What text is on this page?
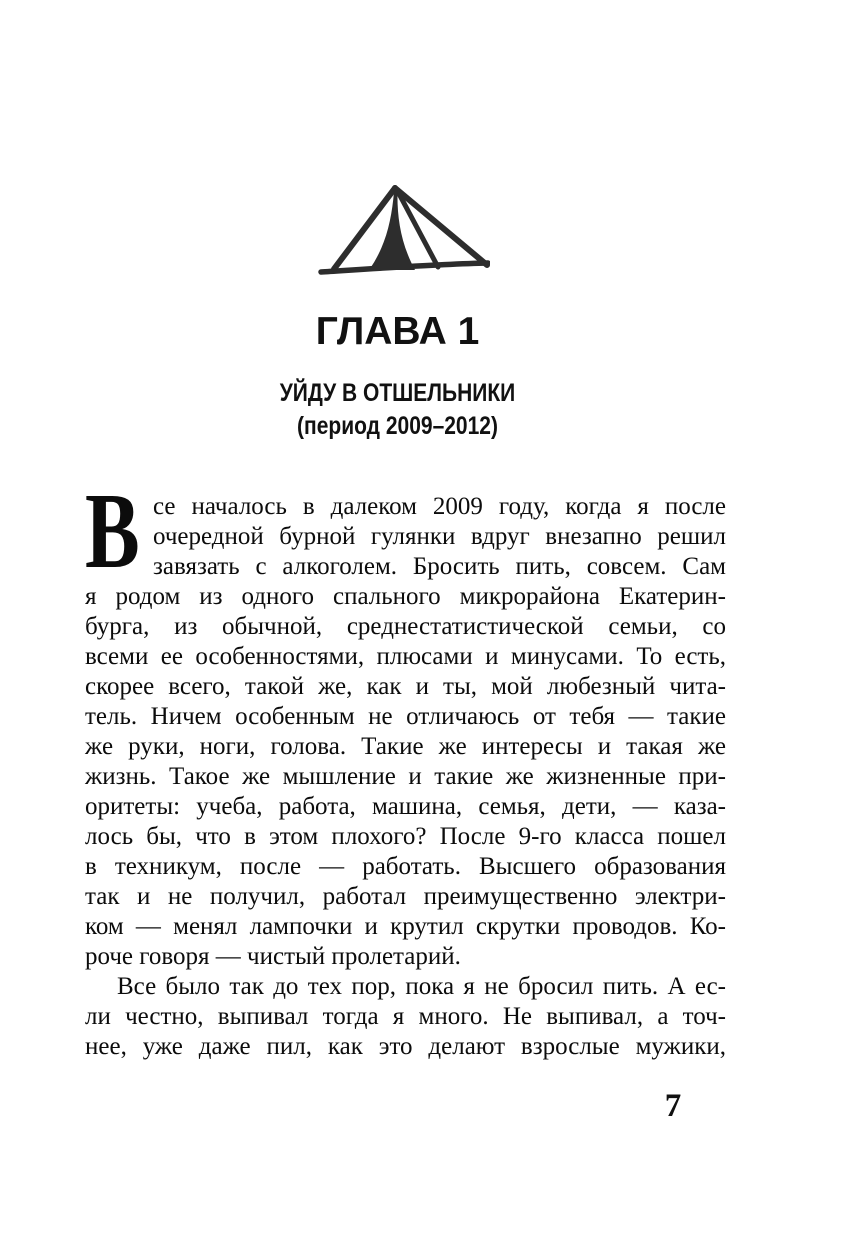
ГЛАВА 1
УЙДУ В ОТШЕЛЬНИКИ
(период 2009–2012)
В се началось в далеком 2009 году, когда я после
очередной бурной гулянки вдруг внезапно решил
завязать с алкоголем. Бросить пить, совсем. Сам
я родом из одного спального микрорайона Екатерин-
бурга, из обычной, среднестатистической семьи, со
всеми ее особенностями, плюсами и минусами. То есть,
скорее всего, такой же, как и ты, мой любезный чита-
тель. Ничем особенным не отличаюсь от тебя — такие
же руки, ноги, голова. Такие же интересы и такая же
жизнь. Такое же мышление и такие же жизненные при-
оритеты: учеба, работа, машина, семья, дети, — каза-
лось бы, что в этом плохого? После 9-го класса пошел
в техникум, после — работать. Высшего образования
так и не получил, работал преимущественно электри-
ком — менял лампочки и крутил скрутки проводов. Ко-
роче говоря — чистый пролетарий.
Все было так до тех пор, пока я не бросил пить. А ес-
ли честно, выпивал тогда я много. Не выпивал, а точ-
нее, уже даже пил, как это делают взрослые мужики,
7
